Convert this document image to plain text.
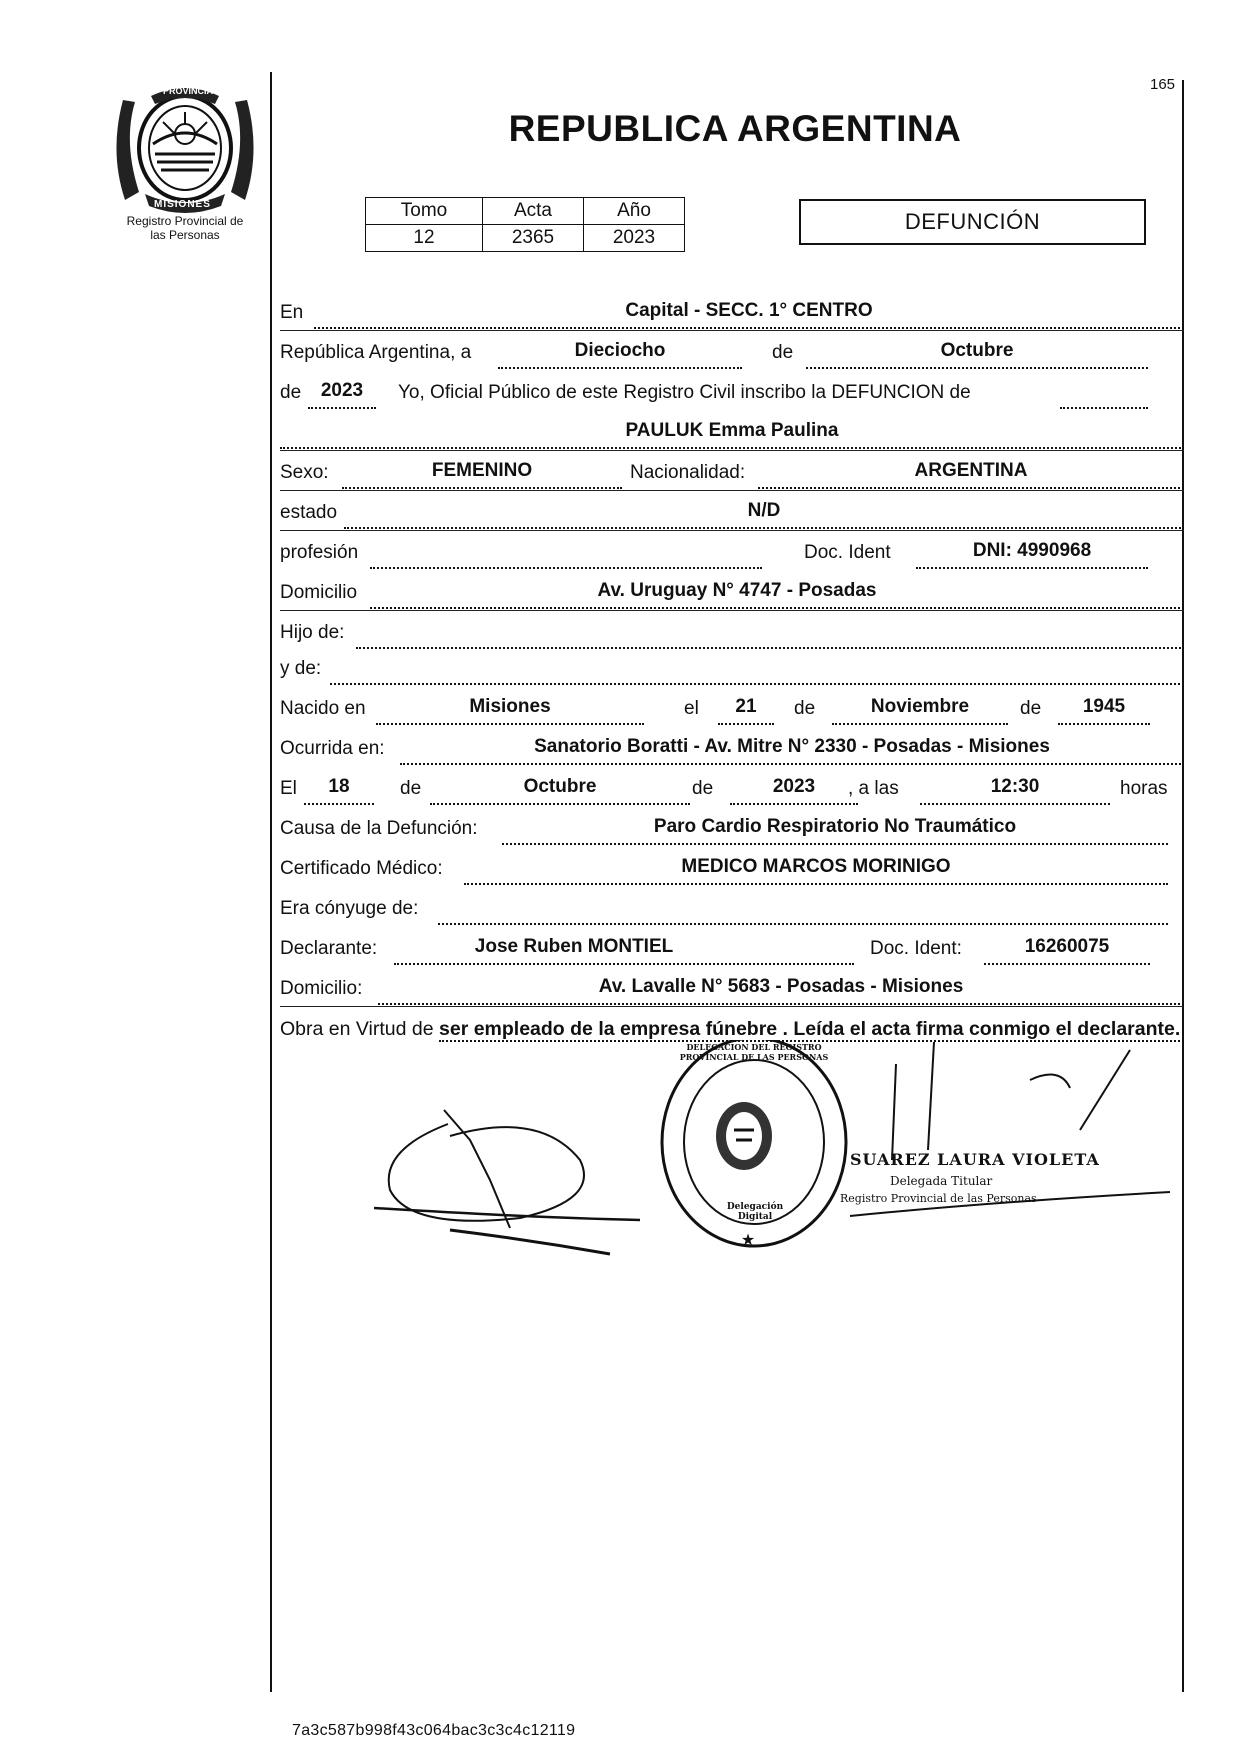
PROVINCIA DE
MISIONES
Registro Provincial de
las Personas
165
REPUBLICA ARGENTINA
Tomo	Acta	Año
12	2365	2023
DEFUNCIÓN
En	Capital - SECC. 1° CENTRO
República Argentina, a	Dieciocho	de	Octubre
de	2023	Yo, Oficial Público de este Registro Civil inscribo la DEFUNCION de
PAULUK Emma Paulina
Sexo:	FEMENINO	Nacionalidad:	ARGENTINA
estado	N/D
profesión	Doc. Ident	DNI: 4990968
Domicilio	Av. Uruguay N° 4747 - Posadas
Hijo de:
y de:
Nacido en	Misiones	el	21	de	Noviembre	de	1945
Ocurrida en:	Sanatorio Boratti - Av. Mitre N° 2330 - Posadas - Misiones
El	18	de	Octubre	de	2023	, a las	12:30	horas
Causa de la Defunción:	Paro Cardio Respiratorio No Traumático
Certificado Médico:	MEDICO MARCOS MORINIGO
Era cónyuge de:
Declarante:	Jose Ruben MONTIEL	Doc. Ident:	16260075
Domicilio:	Av. Lavalle N° 5683 - Posadas - Misiones
Obra en Virtud de ser empleado de la empresa fúnebre . Leída el acta firma conmigo el declarante.
★
DELEGACION DEL REGISTRO PROVINCIAL DE LAS PERSONAS
Delegación Digital
SUAREZ LAURA VIOLETA
Delegada Titular
Registro Provincial de las Personas
7a3c587b998f43c064bac3c3c4c12119
